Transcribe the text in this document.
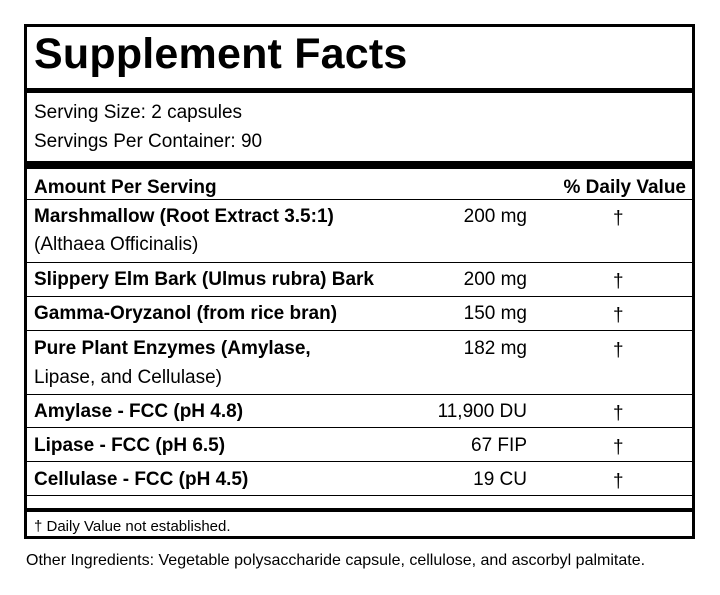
Supplement Facts
Serving Size: 2 capsules
Servings Per Container: 90
Amount Per Serving	% Daily Value
Marshmallow (Root Extract 3.5:1)
(Althaea Officinalis)
200 mg	†
Slippery Elm Bark (Ulmus rubra) Bark	200 mg	†
Gamma-Oryzanol (from rice bran)	150 mg	†
Pure Plant Enzymes (Amylase,
Lipase, and Cellulase)
182 mg	†
Amylase - FCC (pH 4.8)	11,900 DU	†
Lipase - FCC (pH 6.5)	67 FIP	†
Cellulase - FCC (pH 4.5)	19 CU	†
† Daily Value not established.
Other Ingredients: Vegetable polysaccharide capsule, cellulose, and ascorbyl palmitate.
